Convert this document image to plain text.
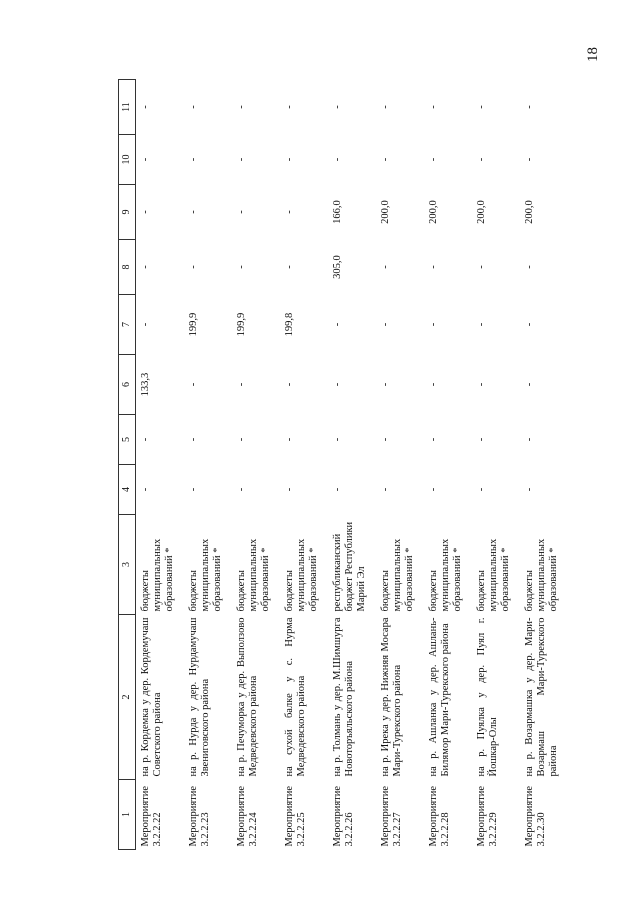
18
1	2	3	4	5	6	7	8	9	10	11
Мероприятие 3.2.2.22	на р. Кордемка у дер. Кордемучаш Советского района	бюджеты муниципальных образований *	-	-	133,3	-	-	-	-	-
Мероприятие 3.2.2.23	на р. Нурда у дер. Нурдамучаш Звениговского района	бюджеты муниципальных образований *	-	-	-	199,9	-	-	-	-
Мероприятие 3.2.2.24	на р. Печуморка у дер. Выползово Медведевского района	бюджеты муниципальных образований *	-	-	-	199,9	-	-	-	-
Мероприятие 3.2.2.25	на сухой балке у с. Нурма Медведевского района	бюджеты муниципальных образований *	-	-	-	199,8	-	-	-	-
Мероприятие 3.2.2.26	на р. Толмань у дер. М.Шимшурга Новоторъяльского района	республиканский бюджет Республики Марий Эл	-	-	-	-	305,0	166,0	-	-
Мероприятие 3.2.2.27	на р. Ирека у дер. Нижняя Мосара Мари-Турекского района	бюджеты муниципальных образований *	-	-	-	-	-	200,0	-	-
Мероприятие 3.2.2.28	на р. Ашланка у дер. Ашлань-Билямор Мари-Турекского района	бюджеты муниципальных образований *	-	-	-	-	-	200,0	-	-
Мероприятие 3.2.2.29	на р. Пуялка у дер. Пуял г. Йошкар-Олы	бюджеты муниципальных образований *	-	-	-	-	-	200,0	-	-
Мероприятие 3.2.2.30	на р. Возармашка у дер. Мари-Возармаш Мари-Турекского района	бюджеты муниципальных образований *	-	-	-	-	-	200,0	-	-
